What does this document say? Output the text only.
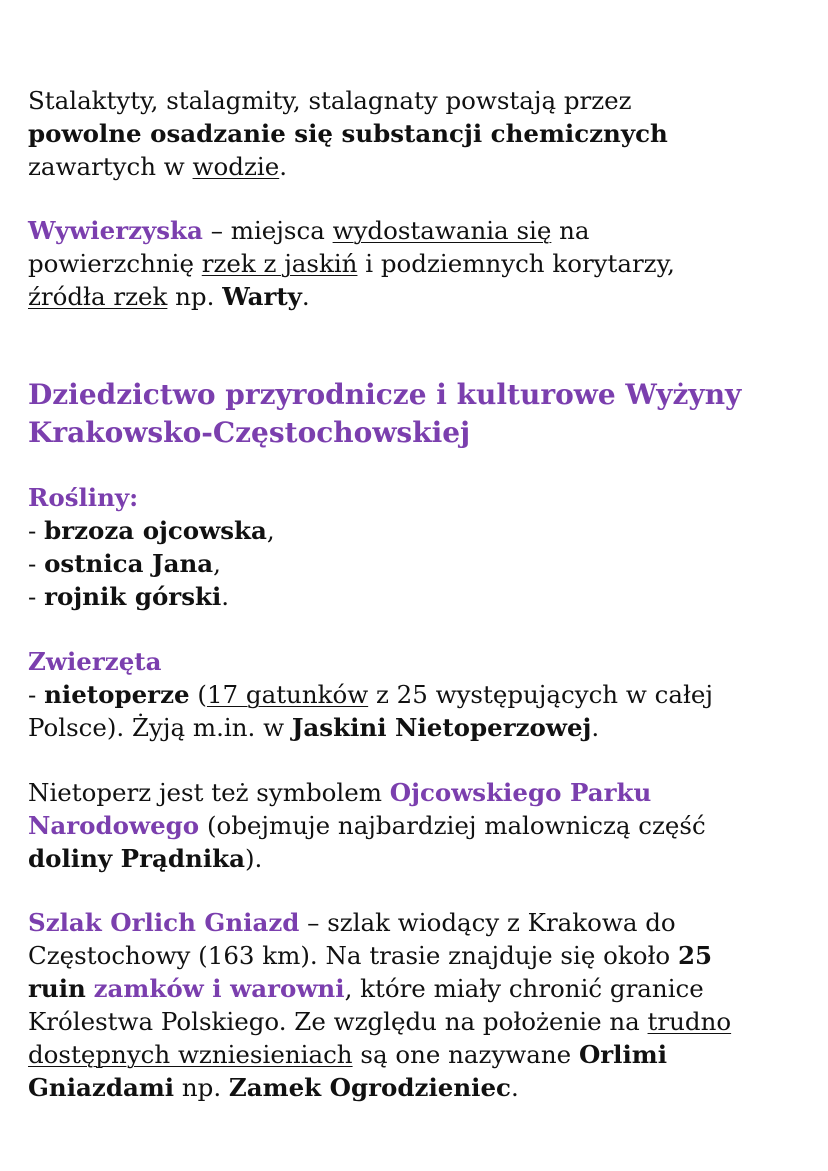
Stalaktyty, stalagmity, stalagnaty powstają przez
powolne osadzanie się substancji chemicznych
zawartych w wodzie.
Wywierzyska – miejsca wydostawania się na
powierzchnię rzek z jaskiń i podziemnych korytarzy,
źródła rzek np. Warty.
Dziedzictwo przyrodnicze i kulturowe Wyżyny
Krakowsko-Częstochowskiej
Rośliny:
- brzoza ojcowska,
- ostnica Jana,
- rojnik górski.
Zwierzęta
- nietoperze (17 gatunków z 25 występujących w całej
Polsce). Żyją m.in. w Jaskini Nietoperzowej.
Nietoperz jest też symbolem Ojcowskiego Parku
Narodowego (obejmuje najbardziej malowniczą część
doliny Prądnika).
Szlak Orlich Gniazd – szlak wiodący z Krakowa do
Częstochowy (163 km). Na trasie znajduje się około 25
ruin zamków i warowni, które miały chronić granice
Królestwa Polskiego. Ze względu na położenie na trudno
dostępnych wzniesieniach są one nazywane Orlimi
Gniazdami np. Zamek Ogrodzieniec.
